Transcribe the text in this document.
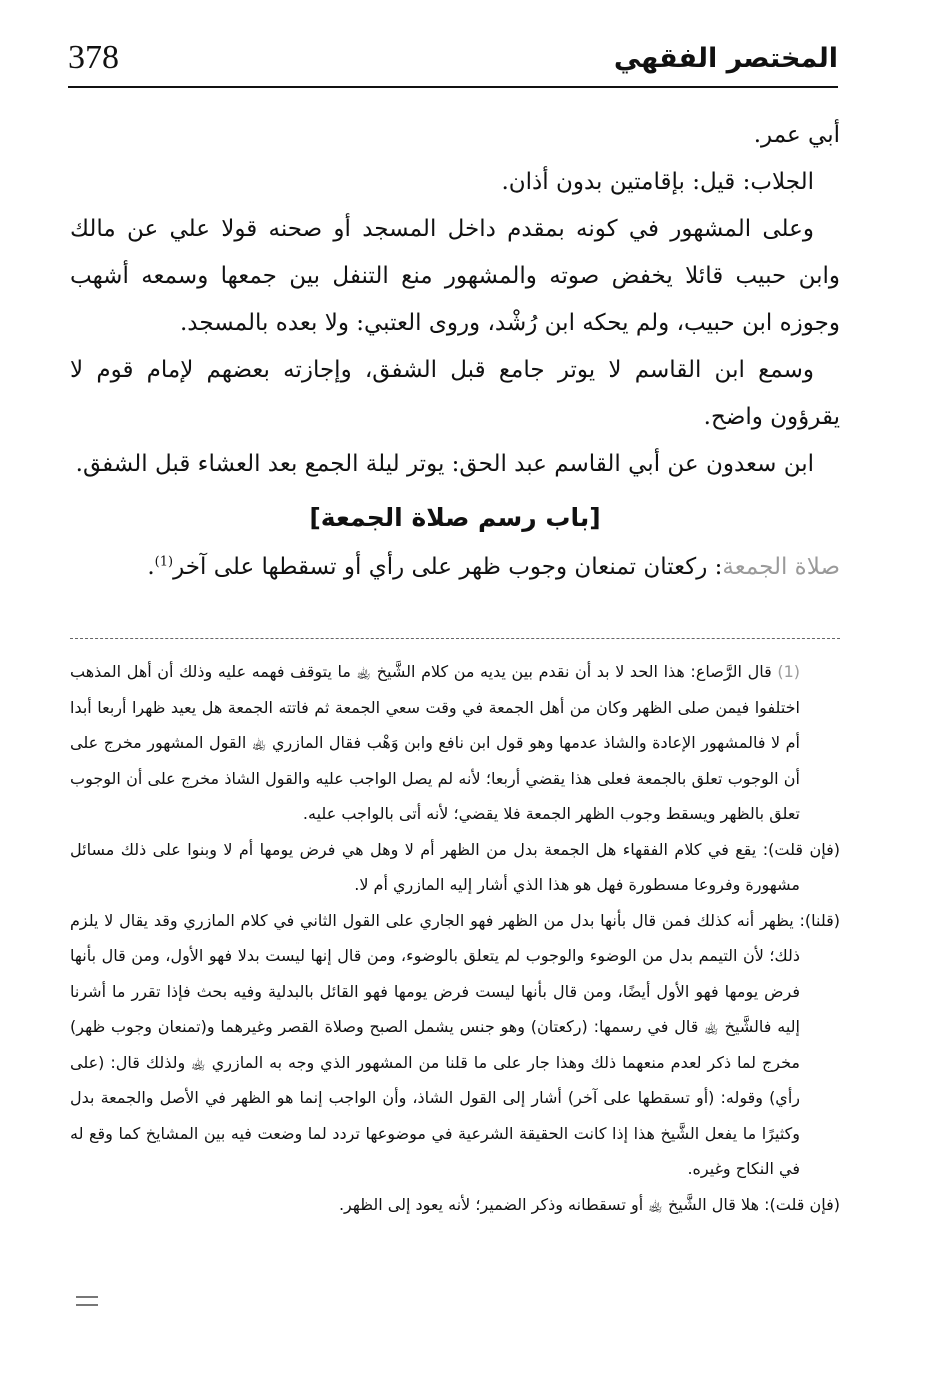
378	المختصر الفقهي

أبي عمر.

الجلاب: قيل: بإقامتين بدون أذان.

وعلى المشهور في كونه بمقدم داخل المسجد أو صحنه قولا علي عن مالك وابن حبيب قائلا يخفض صوته والمشهور منع التنفل بين جمعها وسمعه أشهب وجوزه ابن حبيب، ولم يحكه ابن رُشْد، وروى العتبي: ولا بعده بالمسجد.

وسمع ابن القاسم لا يوتر جامع قبل الشفق، وإجازته بعضهم لإمام قوم لا يقرؤون واضح.

ابن سعدون عن أبي القاسم عبد الحق: يوتر ليلة الجمع بعد العشاء قبل الشفق.

[باب رسم صلاة الجمعة]

صلاة الجمعة: ركعتان تمنعان وجوب ظهر على رأي أو تسقطها على آخر$^{(1)}$.

(1) قال الرَّصاع: هذا الحد لا بد أن نقدم بين يديه من كلام الشَّيخ ﵀ ما يتوقف فهمه عليه وذلك أن أهل المذهب اختلفوا فيمن صلى الظهر وكان من أهل الجمعة في وقت سعي الجمعة ثم فاتته الجمعة هل يعيد ظهرا أربعا أبدا أم لا فالمشهور الإعادة والشاذ عدمها وهو قول ابن نافع وابن وَهْب فقال المازري ﵀ القول المشهور مخرج على أن الوجوب تعلق بالجمعة فعلى هذا يقضي أربعا؛ لأنه لم يصل الواجب عليه والقول الشاذ مخرج على أن الوجوب تعلق بالظهر ويسقط وجوب الظهر الجمعة فلا يقضي؛ لأنه أتى بالواجب عليه.

(فإن قلت): يقع في كلام الفقهاء هل الجمعة بدل من الظهر أم لا وهل هي فرض يومها أم لا وبنوا على ذلك مسائل مشهورة وفروعا مسطورة فهل هو هذا الذي أشار إليه المازري أم لا.

(قلنا): يظهر أنه كذلك فمن قال بأنها بدل من الظهر فهو الجاري على القول الثاني في كلام المازري وقد يقال لا يلزم ذلك؛ لأن التيمم بدل من الوضوء والوجوب لم يتعلق بالوضوء، ومن قال إنها ليست بدلا فهو الأول، ومن قال بأنها فرض يومها فهو الأول أيضًا، ومن قال بأنها ليست فرض يومها فهو القائل بالبدلية وفيه بحث فإذا تقرر ما أشرنا إليه فالشَّيخ ﵀ قال في رسمها: (ركعتان) وهو جنس يشمل الصبح وصلاة القصر وغيرهما و(تمنعان وجوب ظهر) مخرج لما ذكر لعدم منعهما ذلك وهذا جار على ما قلنا من المشهور الذي وجه به المازري ﵀ ولذلك قال: (على رأي) وقوله: (أو تسقطها على آخر) أشار إلى القول الشاذ، وأن الواجب إنما هو الظهر في الأصل والجمعة بدل وكثيرًا ما يفعل الشَّيخ هذا إذا كانت الحقيقة الشرعية في موضوعها تردد لما وضعت فيه بين المشايخ كما وقع له في النكاح وغيره.

(فإن قلت): هلا قال الشَّيخ ﵀ أو تسقطانه وذكر الضمير؛ لأنه يعود إلى الظهر.
